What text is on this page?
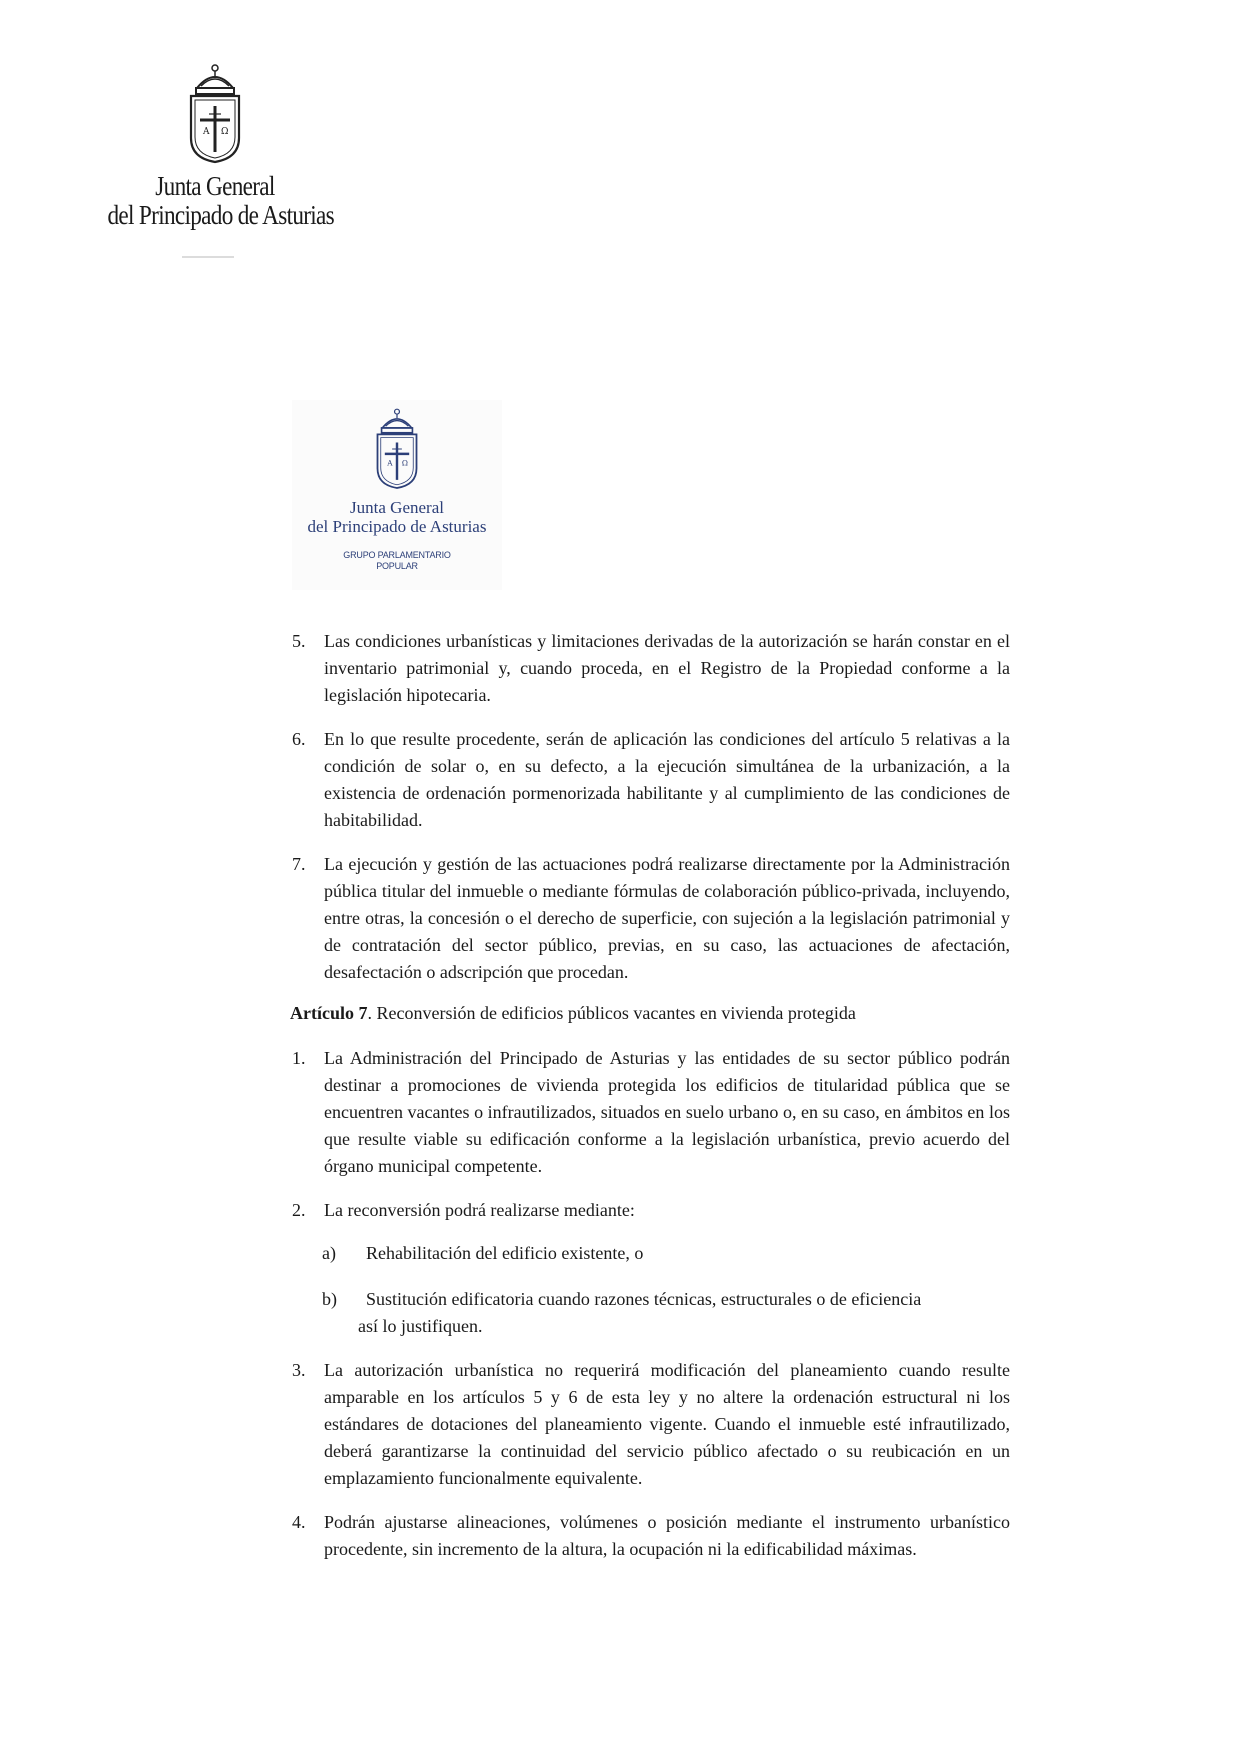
A Ω
Junta General
del Principado de Asturias
A Ω
Junta General
del Principado de Asturias
GRUPO PARLAMENTARIO
POPULAR
5.	Las condiciones urbanísticas y limitaciones derivadas de la autorización se harán constar en el inventario patrimonial y, cuando proceda, en el Registro de la Propiedad conforme a la legislación hipotecaria.
6.	En lo que resulte procedente, serán de aplicación las condiciones del artículo 5 relativas a la condición de solar o, en su defecto, a la ejecución simultánea de la urbanización, a la existencia de ordenación pormenorizada habilitante y al cumplimiento de las condiciones de habitabilidad.
7.	La ejecución y gestión de las actuaciones podrá realizarse directamente por la Administración pública titular del inmueble o mediante fórmulas de colaboración público-privada, incluyendo, entre otras, la concesión o el derecho de superficie, con sujeción a la legislación patrimonial y de contratación del sector público, previas, en su caso, las actuaciones de afectación, desafectación o adscripción que procedan.

Artículo 7. Reconversión de edificios públicos vacantes en vivienda protegida

1.	La Administración del Principado de Asturias y las entidades de su sector público podrán destinar a promociones de vivienda protegida los edificios de titularidad pública que se encuentren vacantes o infrautilizados, situados en suelo urbano o, en su caso, en ámbitos en los que resulte viable su edificación conforme a la legislación urbanística, previo acuerdo del órgano municipal competente.
2.	La reconversión podrá realizarse mediante:
a)	Rehabilitación del edificio existente, o
b)	Sustitución edificatoria cuando razones técnicas, estructurales o de eficiencia
así lo justifiquen.
3.	La autorización urbanística no requerirá modificación del planeamiento cuando resulte amparable en los artículos 5 y 6 de esta ley y no altere la ordenación estructural ni los estándares de dotaciones del planeamiento vigente. Cuando el inmueble esté infrautilizado, deberá garantizarse la continuidad del servicio público afectado o su reubicación en un emplazamiento funcionalmente equivalente.
4.	Podrán ajustarse alineaciones, volúmenes o posición mediante el instrumento urbanístico procedente, sin incremento de la altura, la ocupación ni la edificabilidad máximas.
